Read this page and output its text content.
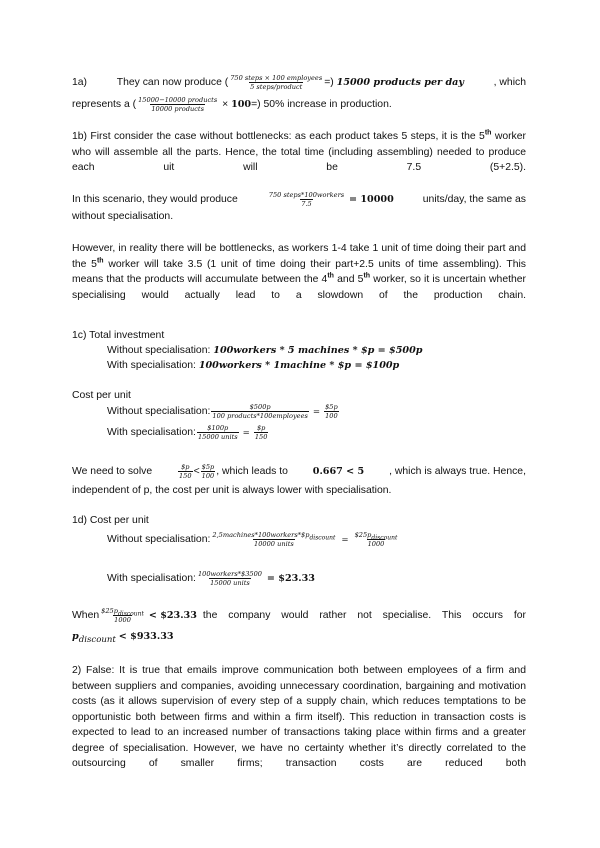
1a)	They can now produce ( $\frac{\text{750 steps × 100 employees}}{\text{5 steps/product}}$ =)
15000 products per day	, which
represents a ( $\frac{\text{15000−10000 products}}{\text{10000 products}}$
×
100 =) 50% increase in production.
1b) First consider the case without bottlenecks: as each product takes 5 steps, it is the 5th worker who will assemble all the parts. Hence, the total time (including assembling) needed to produce each uit will be 7.5 (5+2.5).
In this scenario, they would produce	$\frac{\text{750 steps*100workers}}{7.5}$
= 10000	units/day, the same as
without specialisation.
However, in reality there will be bottlenecks, as workers 1-4 take 1 unit of time doing their part and the 5th worker will take 3.5 (1 unit of time doing their part+2.5 units of time assembling). This means that the products will accumulate between the 4th and 5th worker, so it is uncertain whether specialising would actually lead to a slowdown of the production chain.
1c) Total investment
Without specialisation: 100workers * 5 machines * $p = $500p
With specialisation: 100workers * 1machine * $p = $100p
Cost per unit
Without specialisation: $\frac{\$500p}{\text{100 products*100employees}} = \frac{\$5p}{100}$
With specialisation: $\frac{\$100p}{\text{15000 units}} = \frac{\$p}{150}$
We need to solve	$\frac{\$p}{150} < \frac{\$5p}{100}$ , which leads to	0.667 < 5 , which is always true. Hence,
independent of p, the cost per unit is always lower with specialisation.
1d) Cost per unit
Without specialisation: $\frac{2,5machines*100workers*\$p_{discount}}{\text{10000 units}} = \frac{\$25p_{discount}}{1000}$
With specialisation: $\frac{\text{100workers*\$3500}}{\text{15000 units}}$
= $23.33
When $\frac{\$25p_{discount}}{1000}$
< $23.33 the company would rather not specialise. This occurs for
$p_{discount}$ < $933.33
2) False: It is true that emails improve communication both between employees of a firm and between suppliers and companies, avoiding unnecessary coordination, bargaining and motivation costs (as it allows supervision of every step of a supply chain, which reduces temptations to be opportunistic both between firms and within a firm itself). This reduction in transaction costs is expected to lead to an increased number of transactions taking place within firms and a greater degree of specialisation. However, we have no certainty whether it’s directly correlated to the outsourcing of smaller firms; transaction costs are reduced both
